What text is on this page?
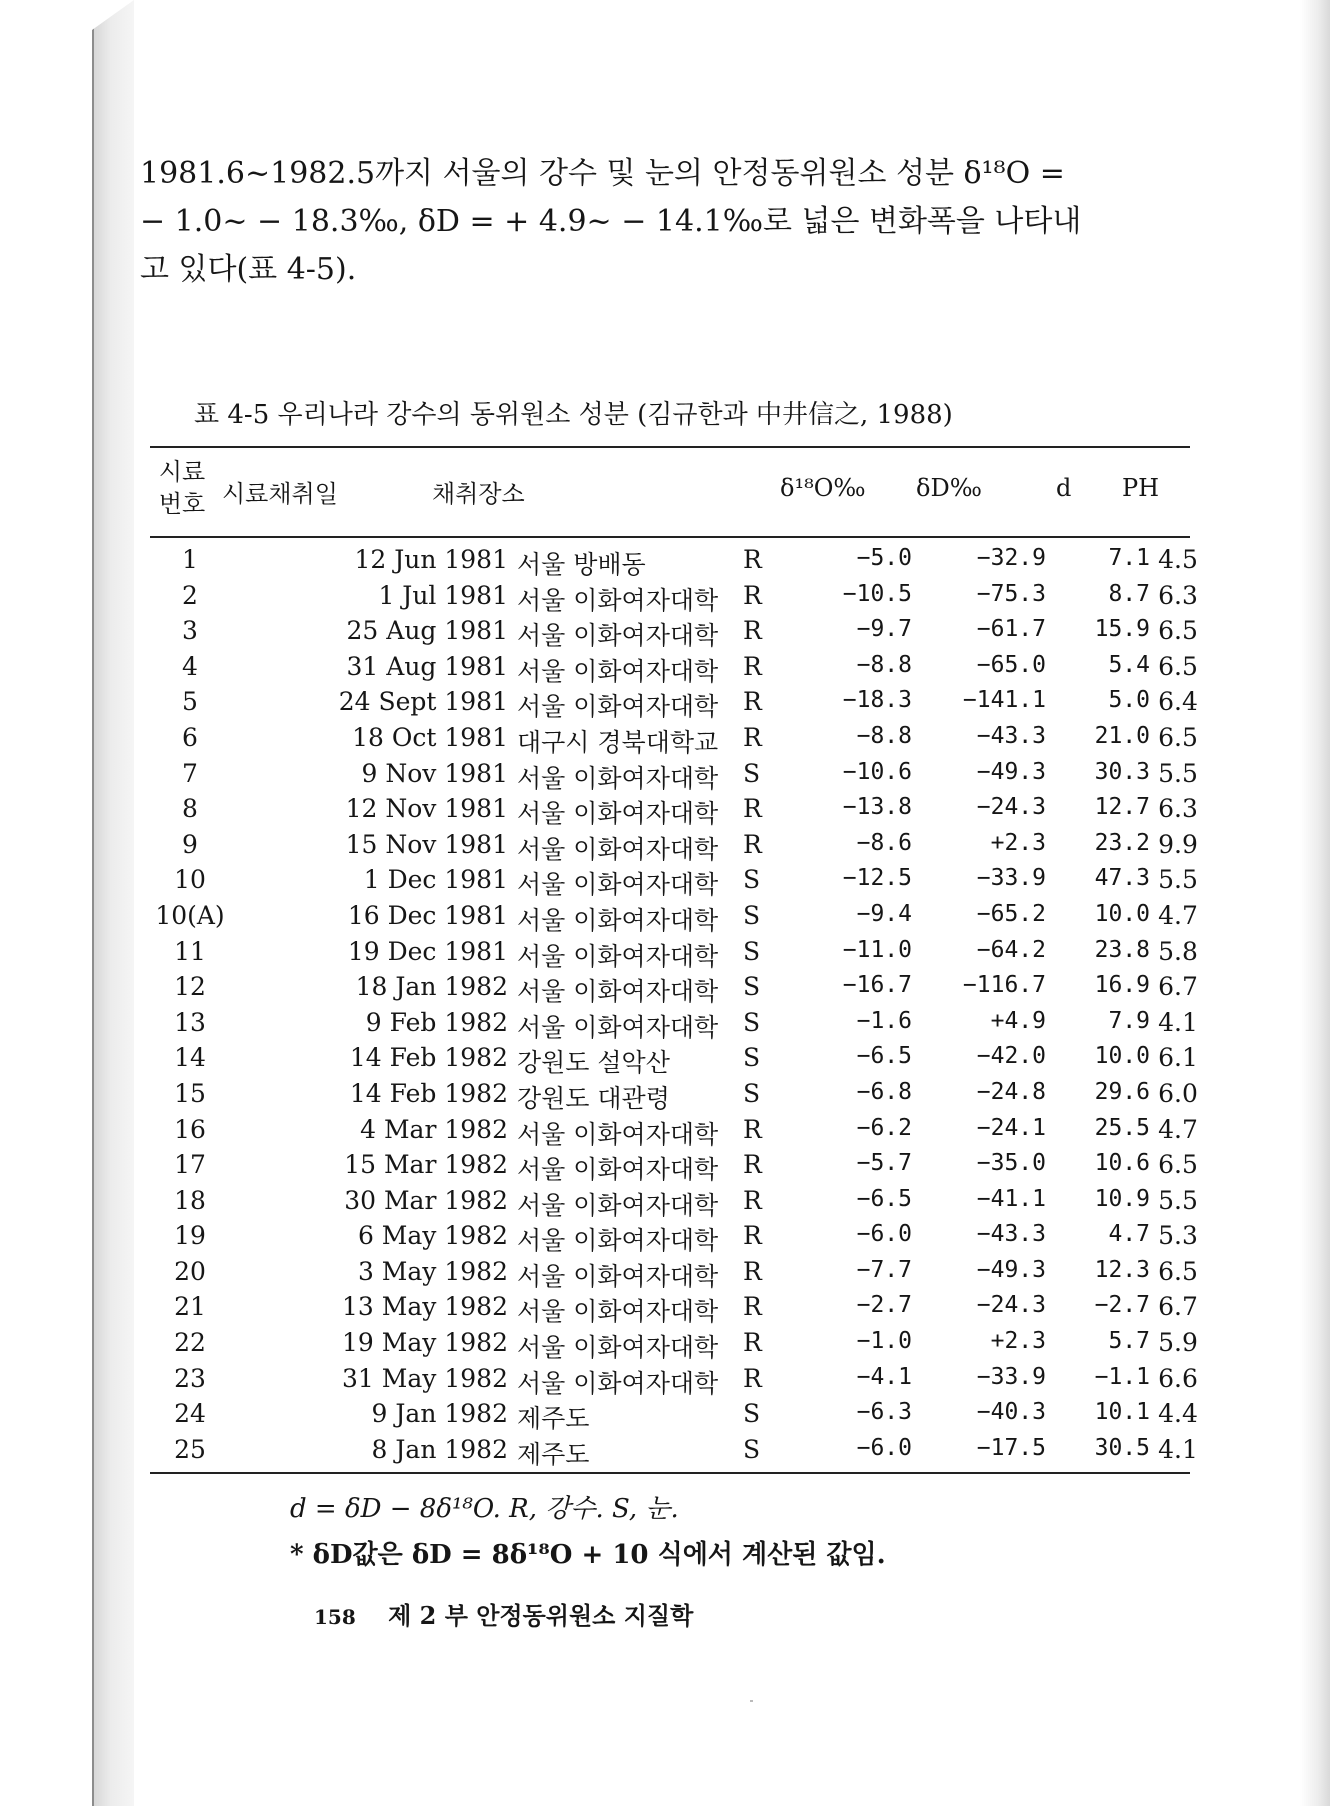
1981.6~1982.5까지 서울의 강수 및 눈의 안정동위원소 성분 δ¹⁸O =
− 1.0~ − 18.3‰, δD = + 4.9~ − 14.1‰로 넓은 변화폭을 나타내
고 있다(표 4-5).

표 4-5 우리나라 강수의 동위원소 성분 (김규한과 中井信之, 1988)
시료
번호 시료채취일	채취장소	δ¹⁸O‰ δD‰	d PH
1	12 Jun 1981 서울 방배동	R	−5.0	−32.9	7.1 4.5
2	1 Jul 1981 서울 이화여자대학 R	−10.5	−75.3	8.7 6.3
3	25 Aug 1981 서울 이화여자대학 R	−9.7	−61.7	15.9 6.5
4	31 Aug 1981 서울 이화여자대학 R	−8.8	−65.0	5.4 6.5
5	24 Sept 1981 서울 이화여자대학 R	−18.3	−141.1	5.0 6.4
6	18 Oct 1981 대구시 경북대학교 R	−8.8	−43.3	21.0 6.5
7	9 Nov 1981 서울 이화여자대학 S	−10.6	−49.3	30.3 5.5
8	12 Nov 1981 서울 이화여자대학 R	−13.8	−24.3	12.7 6.3
9	15 Nov 1981 서울 이화여자대학 R	−8.6	+2.3	23.2 9.9
10	1 Dec 1981 서울 이화여자대학 S	−12.5	−33.9	47.3 5.5
10(A)	16 Dec 1981 서울 이화여자대학 S	−9.4	−65.2	10.0 4.7
11	19 Dec 1981 서울 이화여자대학 S	−11.0	−64.2	23.8 5.8
12	18 Jan 1982 서울 이화여자대학 S	−16.7	−116.7	16.9 6.7
13	9 Feb 1982 서울 이화여자대학 S	−1.6	+4.9	7.9 4.1
14	14 Feb 1982 강원도 설악산	S	−6.5	−42.0	10.0 6.1
15	14 Feb 1982 강원도 대관령	S	−6.8	−24.8	29.6 6.0
16	4 Mar 1982 서울 이화여자대학 R	−6.2	−24.1	25.5 4.7
17	15 Mar 1982 서울 이화여자대학 R	−5.7	−35.0	10.6 6.5
18	30 Mar 1982 서울 이화여자대학 R	−6.5	−41.1	10.9 5.5
19	6 May 1982 서울 이화여자대학 R	−6.0	−43.3	4.7 5.3
20	3 May 1982 서울 이화여자대학 R	−7.7	−49.3	12.3 6.5
21	13 May 1982 서울 이화여자대학 R	−2.7	−24.3	−2.7 6.7
22	19 May 1982 서울 이화여자대학 R	−1.0	+2.3	5.7 5.9
23	31 May 1982 서울 이화여자대학 R	−4.1	−33.9	−1.1 6.6
24	9 Jan 1982 제주도	S	−6.3	−40.3	10.1 4.4
25	8 Jan 1982 제주도	S	−6.0	−17.5	30.5 4.1
d = δD − 8δ¹⁸O. R, 강수. S, 눈.
* δD값은 δD = 8δ¹⁸O + 10 식에서 계산된 값임.
158 제 2 부 안정동위원소 지질학
